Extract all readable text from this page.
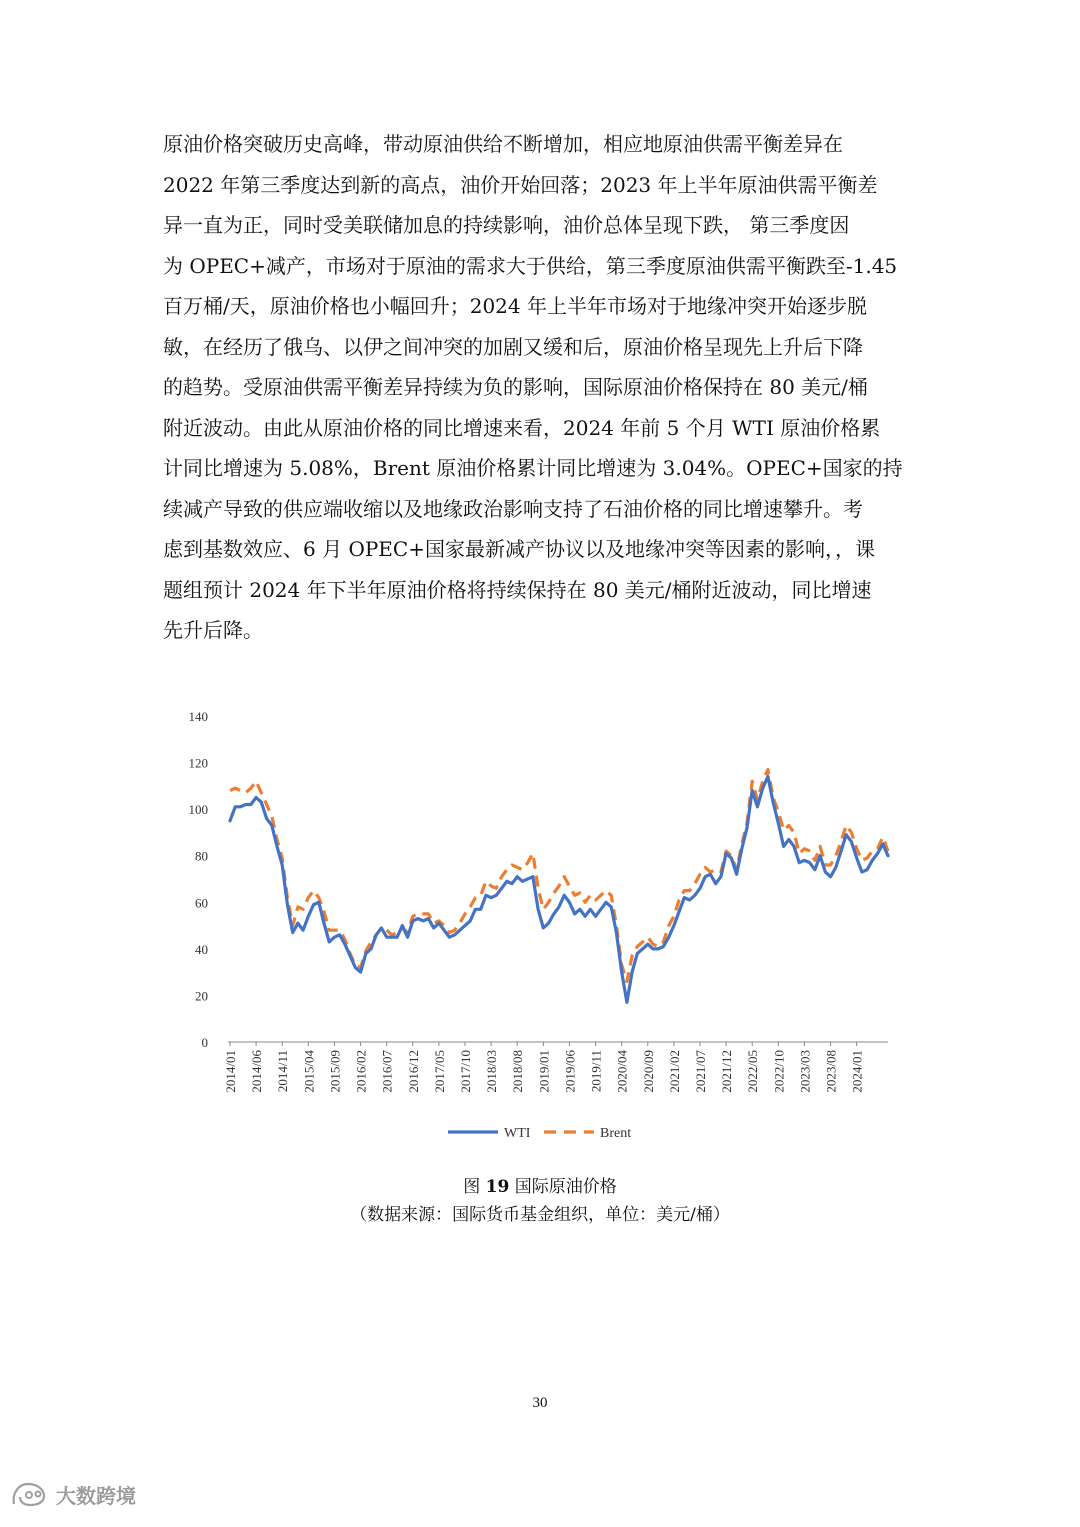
原油价格突破历史高峰，带动原油供给不断增加，相应地原油供需平衡差异在
2022 年第三季度达到新的高点，油价开始回落；2023 年上半年原油供需平衡差
异一直为正，同时受美联储加息的持续影响，油价总体呈现下跌， 第三季度因
为 OPEC+减产，市场对于原油的需求大于供给，第三季度原油供需平衡跌至-1.45
百万桶/天，原油价格也小幅回升；2024 年上半年市场对于地缘冲突开始逐步脱
敏，在经历了俄乌、以伊之间冲突的加剧又缓和后，原油价格呈现先上升后下降
的趋势。受原油供需平衡差异持续为负的影响，国际原油价格保持在 80 美元/桶
附近波动。由此从原油价格的同比增速来看，2024 年前 5 个月 WTI 原油价格累
计同比增速为 5.08%，Brent 原油价格累计同比增速为 3.04%。OPEC+国家的持
续减产导致的供应端收缩以及地缘政治影响支持了石油价格的同比增速攀升。考
虑到基数效应、6 月 OPEC+国家最新减产协议以及地缘冲突等因素的影响，，课
题组预计 2024 年下半年原油价格将持续保持在 80 美元/桶附近波动，同比增速
先升后降。
0
20
40
60
80
100
120
140
2014/01 2014/06 2014/11 2015/04 2015/09 2016/02 2016/07 2016/12 2017/05 2017/10 2018/03 2018/08 2019/01 2019/06 2019/11 2020/04 2020/09 2021/02 2021/07 2021/12 2022/05 2022/10 2023/03 2023/08 2024/01
WTI	Brent
图 19 国际原油价格
（数据来源：国际货币基金组织，单位：美元/桶）
30
大数跨境
